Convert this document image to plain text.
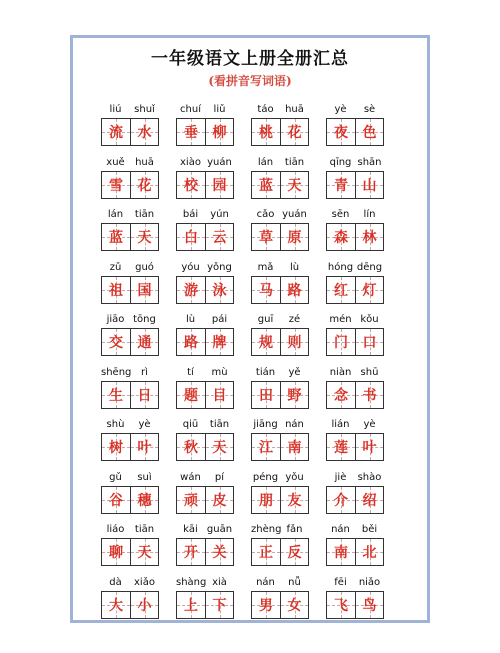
一年级语文上册全册汇总
(看拼音写词语)
liú	shuǐ
流 水
chuí	liǔ
垂 柳
táo	huā
桃 花
yè	sè
夜 色
xuě	huā
雪 花
xiào yuán
校 园
lán	tiān
蓝 天
qīng shān
青 山
lán	tiān
蓝 天
bái	yún
白 云
cǎo yuán
草 原
sēn	lín
森 林
zǔ	guó
祖 国
yóu yǒng
游 泳
mǎ	lù
马 路
hóng dēng
红 灯
jiāo tōng
交 通
lù	pái
路 牌
guī	zé
规 则
mén kǒu
门 口
shēng rì
生 日
tí	mù
题 目
tián	yě
田 野
niàn shū
念 书
shù	yè
树 叶
qiū	tiān
秋 天
jiāng nán
江 南
lián	yè
莲 叶
gǔ	suì
谷 穗
wán	pí
顽 皮
péng yǒu
朋 友
jiè	shào
介 绍
liáo	tiān
聊 天
kāi guān
开 关
zhèng fǎn
正 反
nán	běi
南 北
dà	xiǎo
大 小
shàng xià
上 下
nán	nǚ
男 女
fēi	niǎo
飞 鸟
